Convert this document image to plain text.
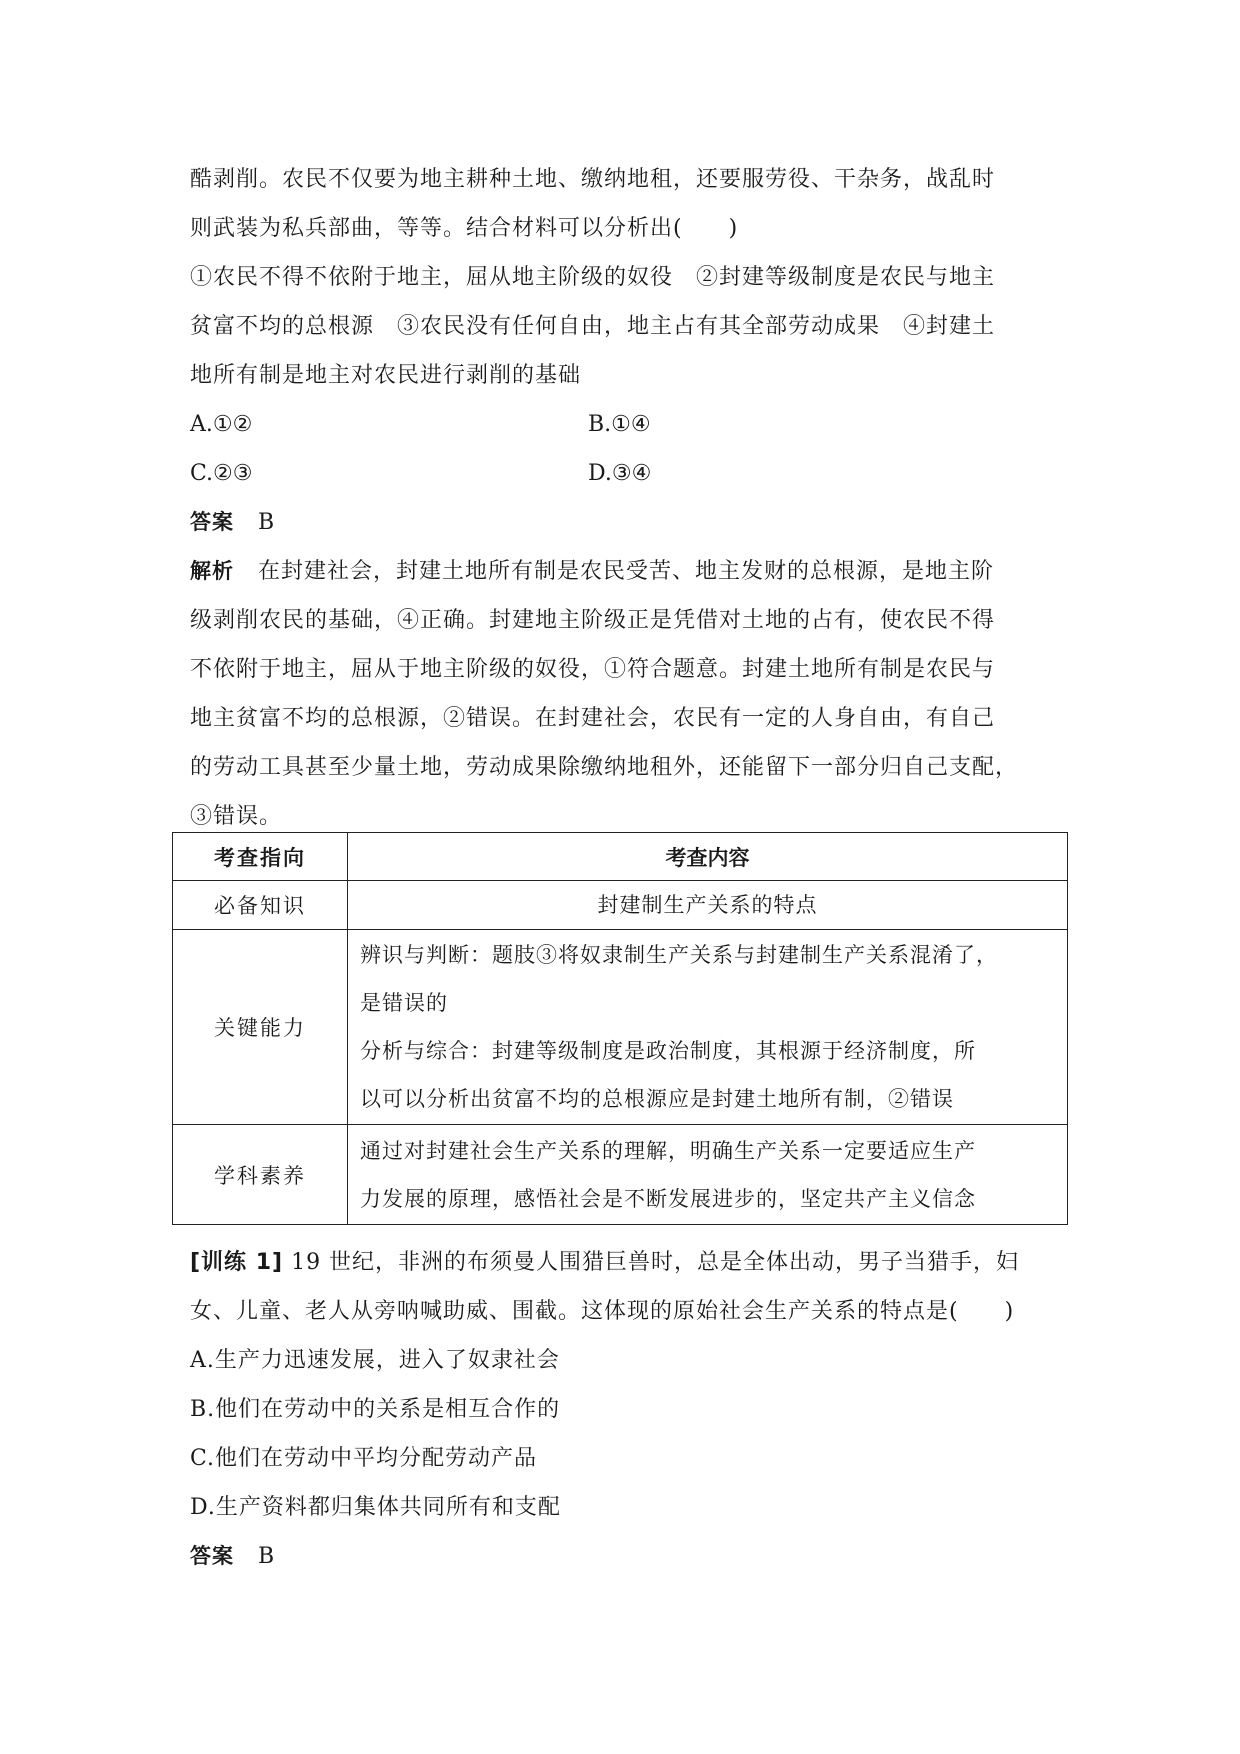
酷剥削。农民不仅要为地主耕种土地、缴纳地租，还要服劳役、干杂务，战乱时
则武装为私兵部曲，等等。结合材料可以分析出(　　)
①农民不得不依附于地主，屈从地主阶级的奴役　②封建等级制度是农民与地主
贫富不均的总根源　③农民没有任何自由，地主占有其全部劳动成果　④封建土
地所有制是地主对农民进行剥削的基础
A.①②	B.①④
C.②③	D.③④
答案 B
解析 在封建社会，封建土地所有制是农民受苦、地主发财的总根源，是地主阶
级剥削农民的基础，④正确。封建地主阶级正是凭借对土地的占有，使农民不得
不依附于地主，屈从于地主阶级的奴役，①符合题意。封建土地所有制是农民与
地主贫富不均的总根源，②错误。在封建社会，农民有一定的人身自由，有自己
的劳动工具甚至少量土地，劳动成果除缴纳地租外，还能留下一部分归自己支配，
③错误。
考查指向	考查内容
必备知识	封建制生产关系的特点

关键能力	辨识与判断：题肢③将奴隶制生产关系与封建制生产关系混淆了，
是错误的
分析与综合：封建等级制度是政治制度，其根源于经济制度，所
以可以分析出贫富不均的总根源应是封建土地所有制，②错误

学科素养	通过对封建社会生产关系的理解，明确生产关系一定要适应生产
力发展的原理，感悟社会是不断发展进步的，坚定共产主义信念
[训练 1] 19 世纪，非洲的布须曼人围猎巨兽时，总是全体出动，男子当猎手，妇
女、儿童、老人从旁呐喊助威、围截。这体现的原始社会生产关系的特点是(　　)
A.生产力迅速发展，进入了奴隶社会
B.他们在劳动中的关系是相互合作的
C.他们在劳动中平均分配劳动产品
D.生产资料都归集体共同所有和支配
答案 B
